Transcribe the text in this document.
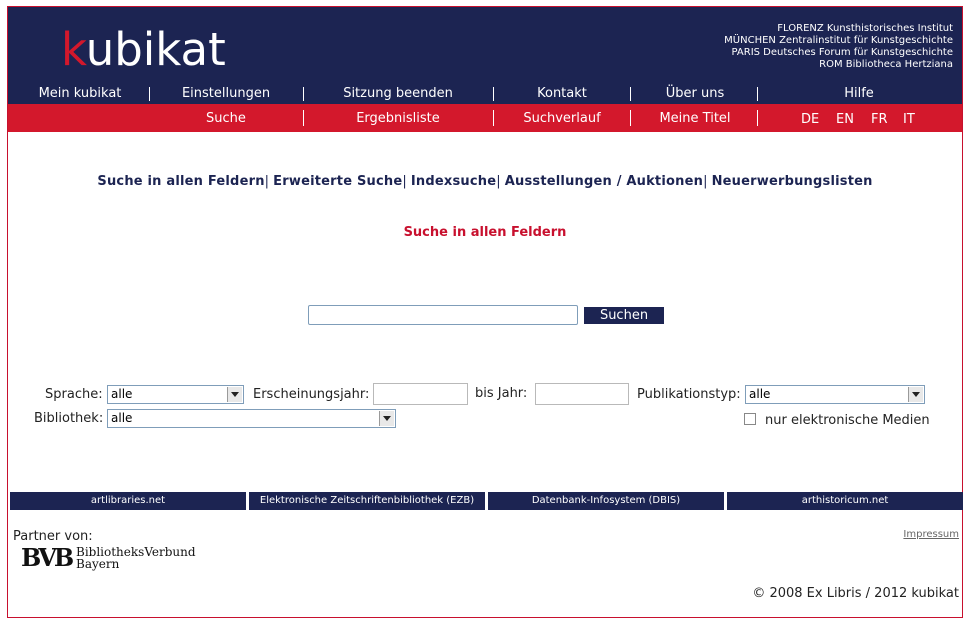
kubikat	FLORENZ Kunsthistorisches Institut
MÜNCHEN Zentralinstitut für Kunstgeschichte
PARIS Deutsches Forum für Kunstgeschichte
ROM Bibliotheca Hertziana
Mein kubikat	Einstellungen	Sitzung beenden	Kontakt	Über uns	Hilfe
Suche	Ergebnisliste	Suchverlauf	Meine Titel	DE EN FR IT
Suche in allen Feldern| Erweiterte Suche| Indexsuche| Ausstellungen / Auktionen| Neuerwerbungslisten
Suche in allen Feldern
Suchen
Sprache: alle	Erscheinungsjahr:	bis Jahr:	Publikationstyp: alle
Bibliothek: alle	nur elektronische Medien
artlibraries.net	Elektronische Zeitschriftenbibliothek (EZB)	Datenbank-Infosystem (DBIS)	arthistoricum.net
Partner von:
BVB BibliotheksVerbund
Bayern
Impressum
© 2008 Ex Libris / 2012 kubikat
